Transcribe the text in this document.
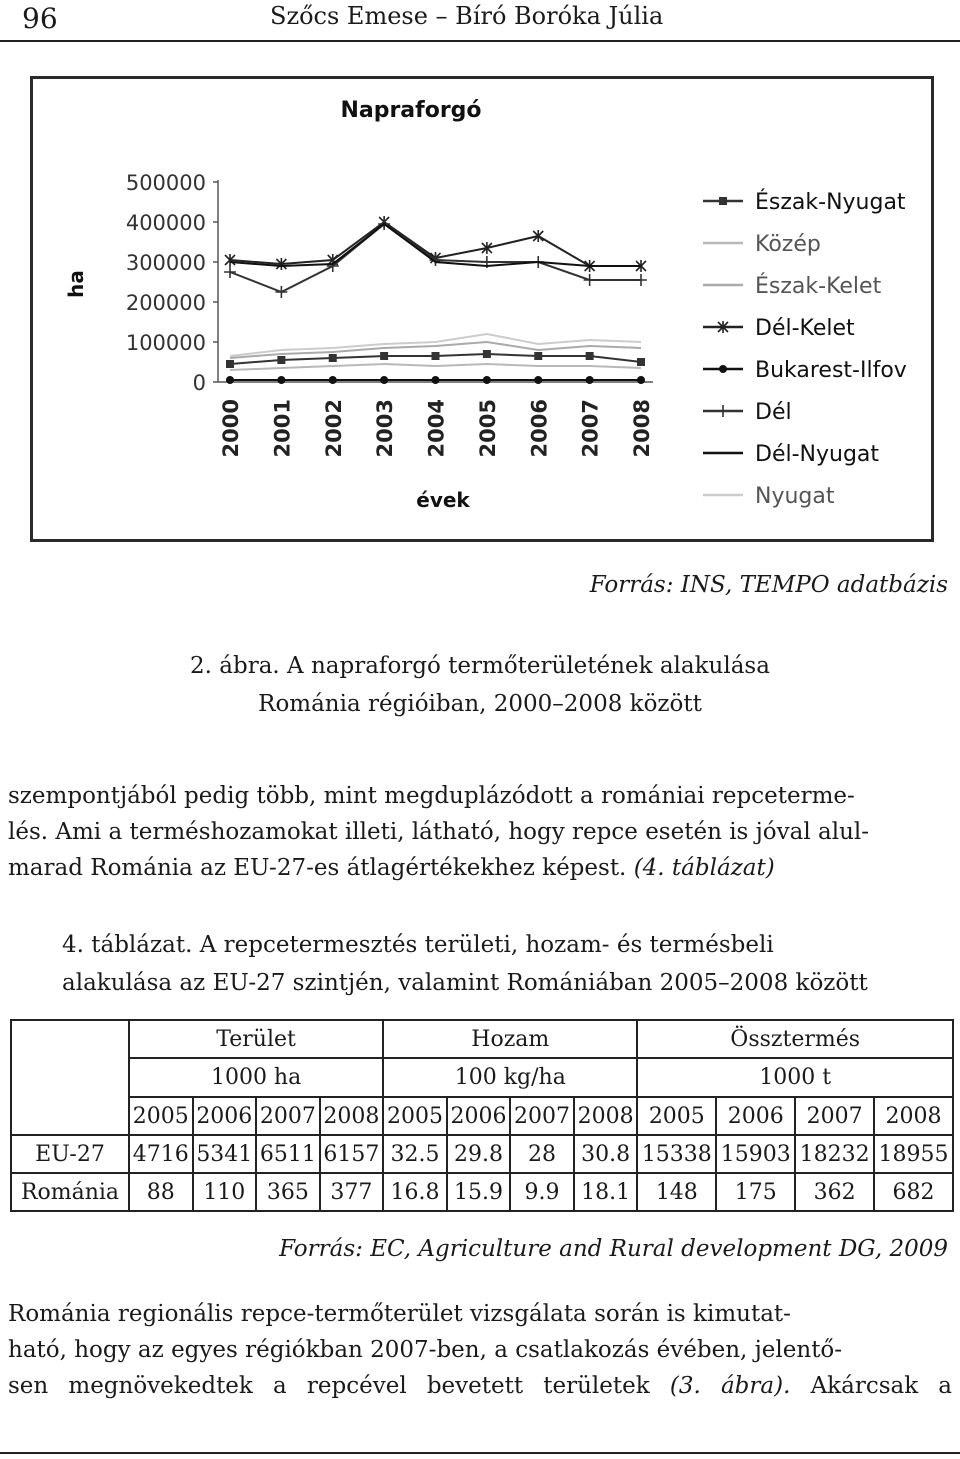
96	Szőcs Emese – Bíró Boróka Júlia
Napraforgó
0
100000
200000
300000
400000
500000
ha
2000 2001 2002 2003 2004 2005 2006 2007 2008
évek
Észak-Nyugat
Közép
Észak-Kelet
Dél-Kelet
Bukarest-Ilfov
Dél
Dél-Nyugat
Nyugat
Forrás: INS, TEMPO adatbázis
2. ábra. A napraforgó termőterületének alakulása
Románia régióiban, 2000–2008 között
szempontjából pedig több, mint megduplázódott a romániai repceterme-
lés. Ami a terméshozamokat illeti, látható, hogy repce esetén is jóval alul-
marad Románia az EU-27-es átlagértékekhez képest. (4. táblázat)
4. táblázat. A repcetermesztés területi, hozam- és termésbeli
alakulása az EU-27 szintjén, valamint Romániában 2005–2008 között
	Terület				Hozam				Össztermés			
	1000 ha				100 kg/ha				1000 t			
	2005	2006	2007	2008	2005	2006	2007	2008	2005	2006	2007	2008
EU-27	4716	5341	6511	6157	32.5	29.8	28	30.8	15338	15903	18232	18955
Románia	88	110	365	377	16.8	15.9	9.9	18.1	148	175	362	682
Forrás: EC, Agriculture and Rural development DG, 2009
Románia regionális repce-termőterület vizsgálata során is kimutat-
ható, hogy az egyes régiókban 2007-ben, a csatlakozás évében, jelentő-
sen megnövekedtek a repcével bevetett területek (3. ábra). Akárcsak a
